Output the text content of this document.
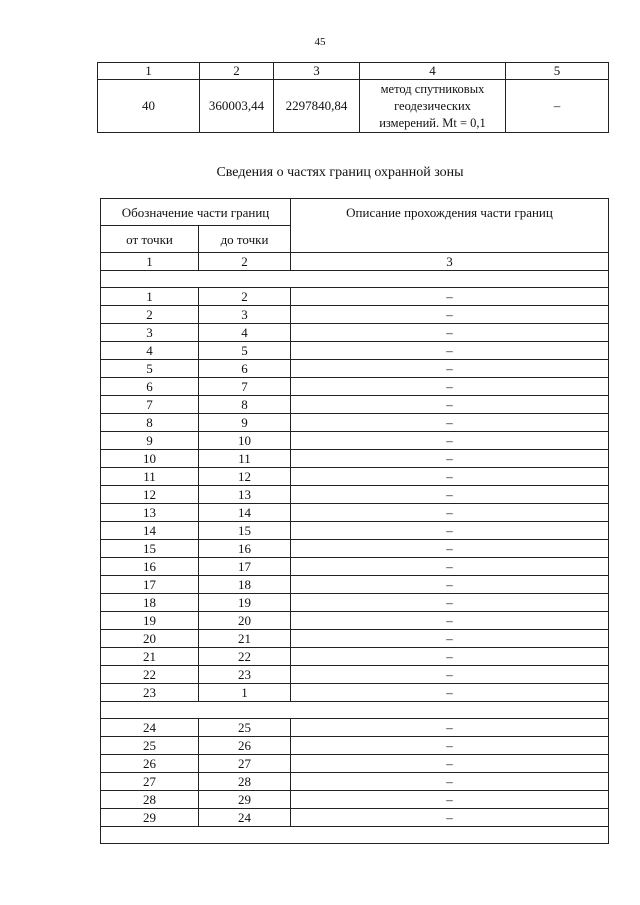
45
1	2	3	4	5
40	360003,44	2297840,84	метод спутниковых
геодезических
измерений. Mt = 0,1	–
Сведения о частях границ охранной зоны
Обозначение части границ		Описание прохождения части границ
от точки	до точки	
1	2	3

1	2	–
2	3	–
3	4	–
4	5	–
5	6	–
6	7	–
7	8	–
8	9	–
9	10	–
10	11	–
11	12	–
12	13	–
13	14	–
14	15	–
15	16	–
16	17	–
17	18	–
18	19	–
19	20	–
20	21	–
21	22	–
22	23	–
23	1	–

24	25	–
25	26	–
26	27	–
27	28	–
28	29	–
29	24	–
